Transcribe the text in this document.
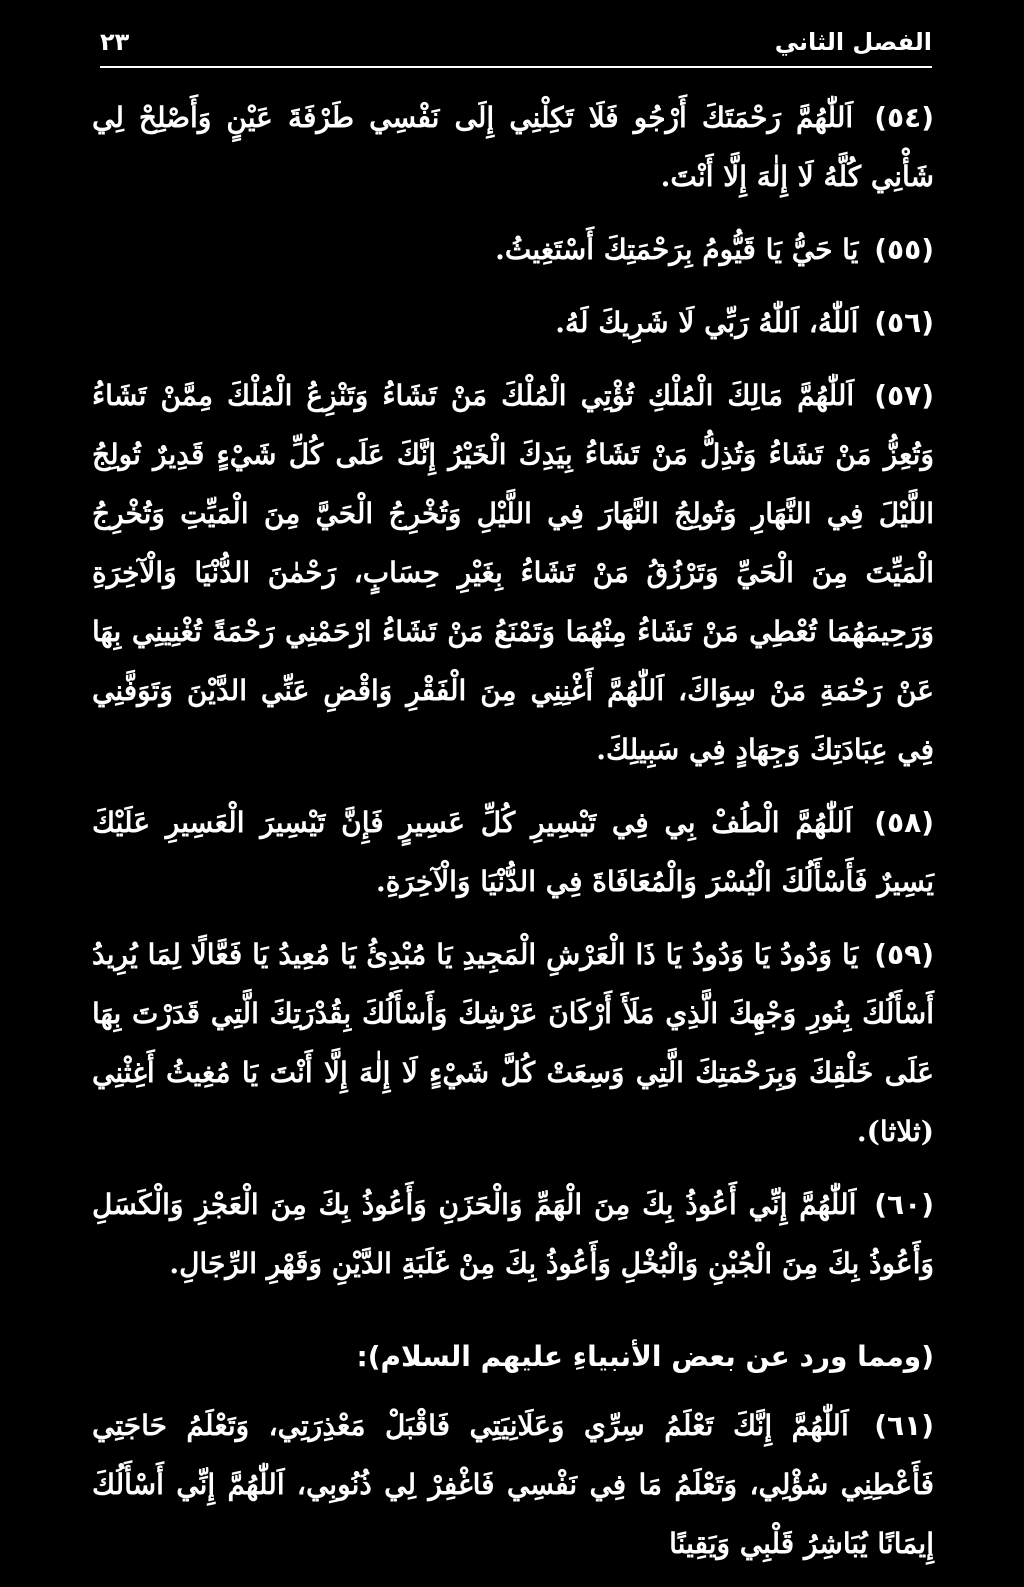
٢٣	الفصل الثاني

(٥٤) اَللّٰهُمَّ رَحْمَتَكَ أَرْجُو فَلَا تَكِلْنِي إِلَى نَفْسِي طَرْفَةَ عَيْنٍ وَأَصْلِحْ لِي شَأْنِي كُلَّهُ لَا إِلٰهَ إِلَّا أَنْتَ.

(٥٥) يَا حَيُّ يَا قَيُّومُ بِرَحْمَتِكَ أَسْتَغِيثُ.

(٥٦) اَللّٰهُ، اَللّٰهُ رَبِّي لَا شَرِيكَ لَهُ.

(٥٧) اَللّٰهُمَّ مَالِكَ الْمُلْكِ تُؤْتِي الْمُلْكَ مَنْ تَشَاءُ وَتَنْزِعُ الْمُلْكَ مِمَّنْ تَشَاءُ وَتُعِزُّ مَنْ تَشَاءُ وَتُذِلُّ مَنْ تَشَاءُ بِيَدِكَ الْخَيْرُ إِنَّكَ عَلَى كُلِّ شَيْءٍ قَدِيرٌ تُولِجُ اللَّيْلَ فِي النَّهَارِ وَتُولِجُ النَّهَارَ فِي اللَّيْلِ وَتُخْرِجُ الْحَيَّ مِنَ الْمَيِّتِ وَتُخْرِجُ الْمَيِّتَ مِنَ الْحَيِّ وَتَرْزُقُ مَنْ تَشَاءُ بِغَيْرِ حِسَابٍ، رَحْمٰنَ الدُّنْيَا وَالْآخِرَةِ وَرَحِيمَهُمَا تُعْطِي مَنْ تَشَاءُ مِنْهُمَا وَتَمْنَعُ مَنْ تَشَاءُ ارْحَمْنِي رَحْمَةً تُغْنِينِي بِهَا عَنْ رَحْمَةِ مَنْ سِوَاكَ، اَللّٰهُمَّ أَغْنِنِي مِنَ الْفَقْرِ وَاقْضِ عَنِّي الدَّيْنَ وَتَوَفَّنِي فِي عِبَادَتِكَ وَجِهَادٍ فِي سَبِيلِكَ.

(٥٨) اَللّٰهُمَّ الْطُفْ بِي فِي تَيْسِيرِ كُلِّ عَسِيرٍ فَإِنَّ تَيْسِيرَ الْعَسِيرِ عَلَيْكَ يَسِيرٌ فَأَسْأَلُكَ الْيُسْرَ وَالْمُعَافَاةَ فِي الدُّنْيَا وَالْآخِرَةِ.

(٥٩) يَا وَدُودُ يَا وَدُودُ يَا ذَا الْعَرْشِ الْمَجِيدِ يَا مُبْدِئُ يَا مُعِيدُ يَا فَعَّالًا لِمَا يُرِيدُ أَسْأَلُكَ بِنُورِ وَجْهِكَ الَّذِي مَلَأَ أَرْكَانَ عَرْشِكَ وَأَسْأَلُكَ بِقُدْرَتِكَ الَّتِي قَدَرْتَ بِهَا عَلَى خَلْقِكَ وَبِرَحْمَتِكَ الَّتِي وَسِعَتْ كُلَّ شَيْءٍ لَا إِلٰهَ إِلَّا أَنْتَ يَا مُغِيثُ أَغِثْنِي (ثلاثا).

(٦٠) اَللّٰهُمَّ إِنِّي أَعُوذُ بِكَ مِنَ الْهَمِّ وَالْحَزَنِ وَأَعُوذُ بِكَ مِنَ الْعَجْزِ وَالْكَسَلِ وَأَعُوذُ بِكَ مِنَ الْجُبْنِ وَالْبُخْلِ وَأَعُوذُ بِكَ مِنْ غَلَبَةِ الدَّيْنِ وَقَهْرِ الرِّجَالِ.

(ومما ورد عن بعض الأنبياءِ عليهم السلام):

(٦١) اَللّٰهُمَّ إِنَّكَ تَعْلَمُ سِرِّي وَعَلَانِيَتِي فَاقْبَلْ مَعْذِرَتِي، وَتَعْلَمُ حَاجَتِي فَأَعْطِنِي سُؤْلِي، وَتَعْلَمُ مَا فِي نَفْسِي فَاغْفِرْ لِي ذُنُوبِي، اَللّٰهُمَّ إِنِّي أَسْأَلُكَ إِيمَانًا يُبَاشِرُ قَلْبِي وَيَقِينًا
